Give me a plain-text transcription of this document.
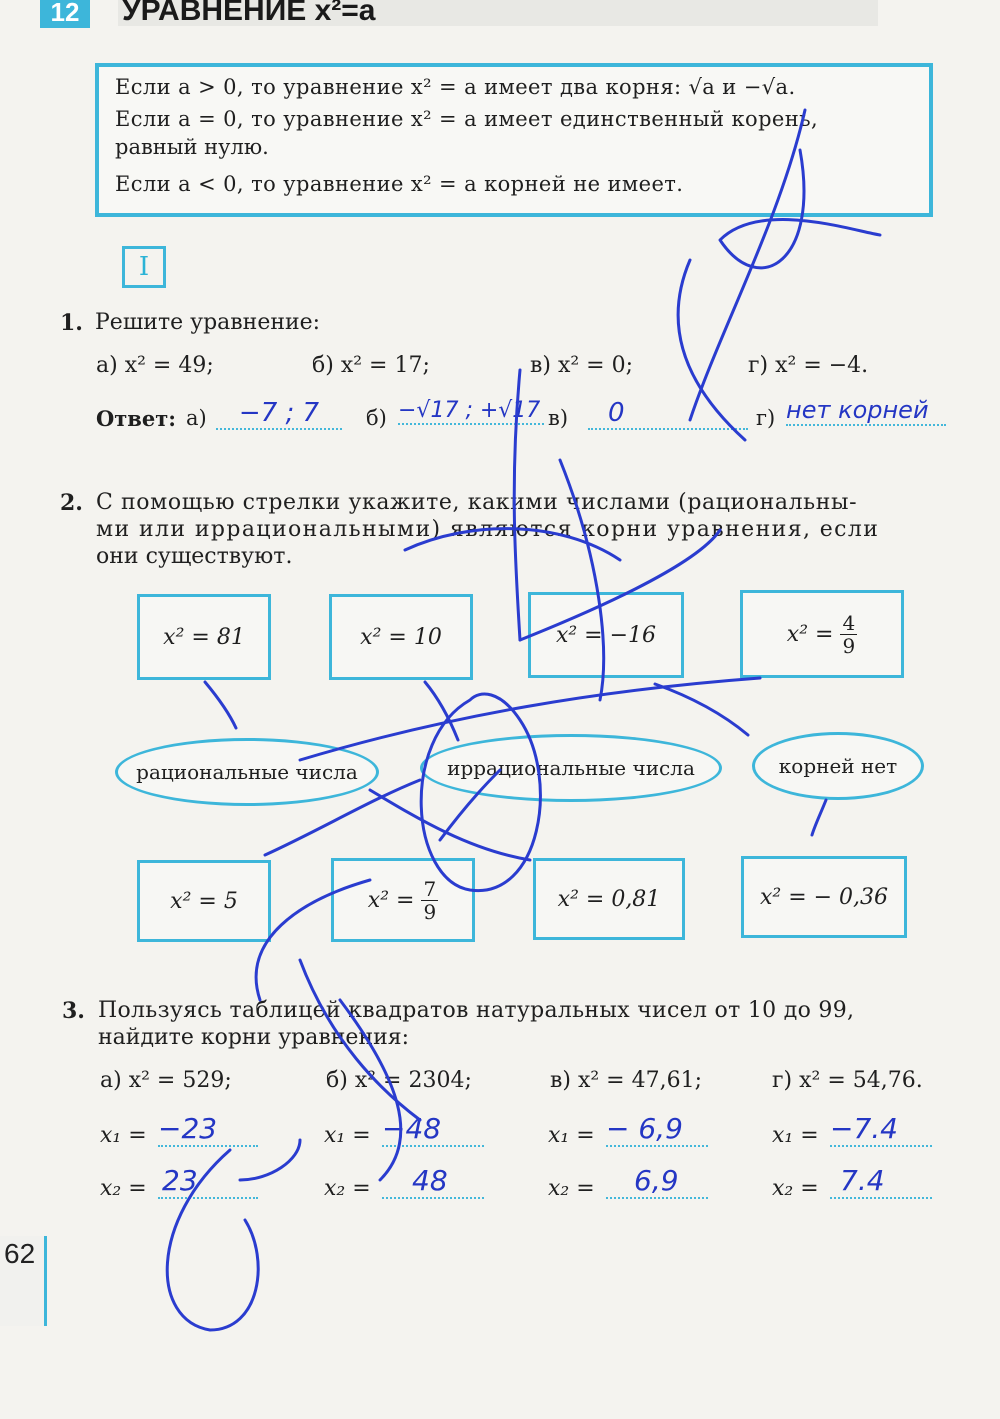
12 УРАВНЕНИЕ x²=a
Если a > 0, то уравнение x² = a имеет два корня: √a и −√a.
Если a = 0, то уравнение x² = a имеет единственный корень,
равный нулю.
Если a < 0, то уравнение x² = a корней не имеет.
I
1. Решите уравнение:
а) x² = 49;	б) x² = 17;	в) x² = 0;	г) x² = −4.
Ответ: а)	б)	в)	г)
−7 ; 7	−√17 ; +√17	0	нет корней
2. С помощью стрелки укажите, какими числами (рациональны-
ми или иррациональными) являются корни уравнения, если
они существуют.
x² = 81	x² = 10	x² = −16	x² =
$\frac{4}{9}$
рациональные числа	иррациональные числа	корней нет
x² = 5	x² =
$\frac{7}{9}$	x² = 0,81	x² = − 0,36
3. Пользуясь таблицей квадратов натуральных чисел от 10 до 99,
найдите корни уравнения:
а) x² = 529;	б) x² = 2304;	в) x² = 47,61;	г) x² = 54,76.
x₁ =	x₁ =	x₁ =	x₁ =
−23	−48	− 6,9	−7.4
x₂ =	x₂ =	x₂ =	x₂ =
23	48	6,9	7.4
62
